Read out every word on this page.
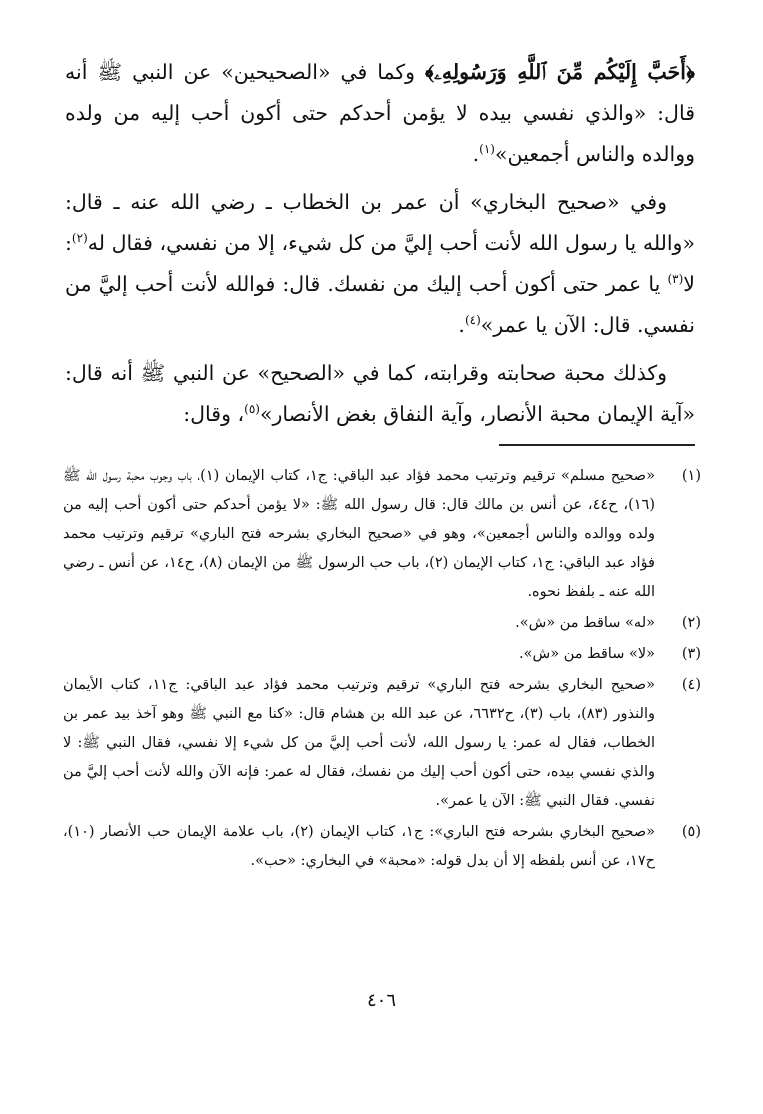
﴿أَحَبَّ إِلَيْكُم مِّنَ ٱللَّهِ وَرَسُولِهِۦ﴾ وكما في «الصحيحين» عن النبي ﷺ أنه قال: «والذي نفسي بيده لا يؤمن أحدكم حتى أكون أحب إليه من ولده ووالده والناس أجمعين»$^{(١)}$.

وفي «صحيح البخاري» أن عمر بن الخطاب ـ رضي الله عنه ـ قال: «والله يا رسول الله لأنت أحب إليَّ من كل شيء، إلا من نفسي، فقال له$^{(٢)}$: لا$^{(٣)}$ يا عمر حتى أكون أحب إليك من نفسك. قال: فوالله لأنت أحب إليَّ من نفسي. قال: الآن يا عمر»$^{(٤)}$.

وكذلك محبة صحابته وقرابته، كما في «الصحيح» عن النبي ﷺ أنه قال: «آية الإيمان محبة الأنصار، وآية النفاق بغض الأنصار»$^{(٥)}$، وقال:

(١)
«صحيح مسلم» ترقيم وترتيب محمد فؤاد عبد الباقي: ج١، كتاب الإيمان (١)، باب وجوب محبة رسول الله ﷺ (١٦)، ح٤٤، عن أنس بن مالك قال: قال رسول الله ﷺ: «لا يؤمن أحدكم حتى أكون أحب إليه من ولده ووالده والناس أجمعين»، وهو في «صحيح البخاري بشرحه فتح الباري» ترقيم وترتيب محمد فؤاد عبد الباقي: ج١، كتاب الإيمان (٢)، باب حب الرسول ﷺ من الإيمان (٨)، ح١٤، عن أنس ـ رضي الله عنه ـ بلفظ نحوه.
(٢)
«له» ساقط من «ش».
(٣)
«لا» ساقط من «ش».
(٤)
«صحيح البخاري بشرحه فتح الباري» ترقيم وترتيب محمد فؤاد عبد الباقي: ج١١، كتاب الأيمان والنذور (٨٣)، باب (٣)، ح٦٦٣٢، عن عبد الله بن هشام قال: «كنا مع النبي ﷺ وهو آخذ بيد عمر بن الخطاب، فقال له عمر: يا رسول الله، لأنت أحب إليَّ من كل شيء إلا نفسي، فقال النبي ﷺ: لا والذي نفسي بيده، حتى أكون أحب إليك من نفسك، فقال له عمر: فإنه الآن والله لأنت أحب إليَّ من نفسي. فقال النبي ﷺ: الآن يا عمر».
(٥)
«صحيح البخاري بشرحه فتح الباري»: ج١، كتاب الإيمان (٢)، باب علامة الإيمان حب الأنصار (١٠)، ح١٧، عن أنس بلفظه إلا أن بدل قوله: «محبة» في البخاري: «حب».
٤٠٦
